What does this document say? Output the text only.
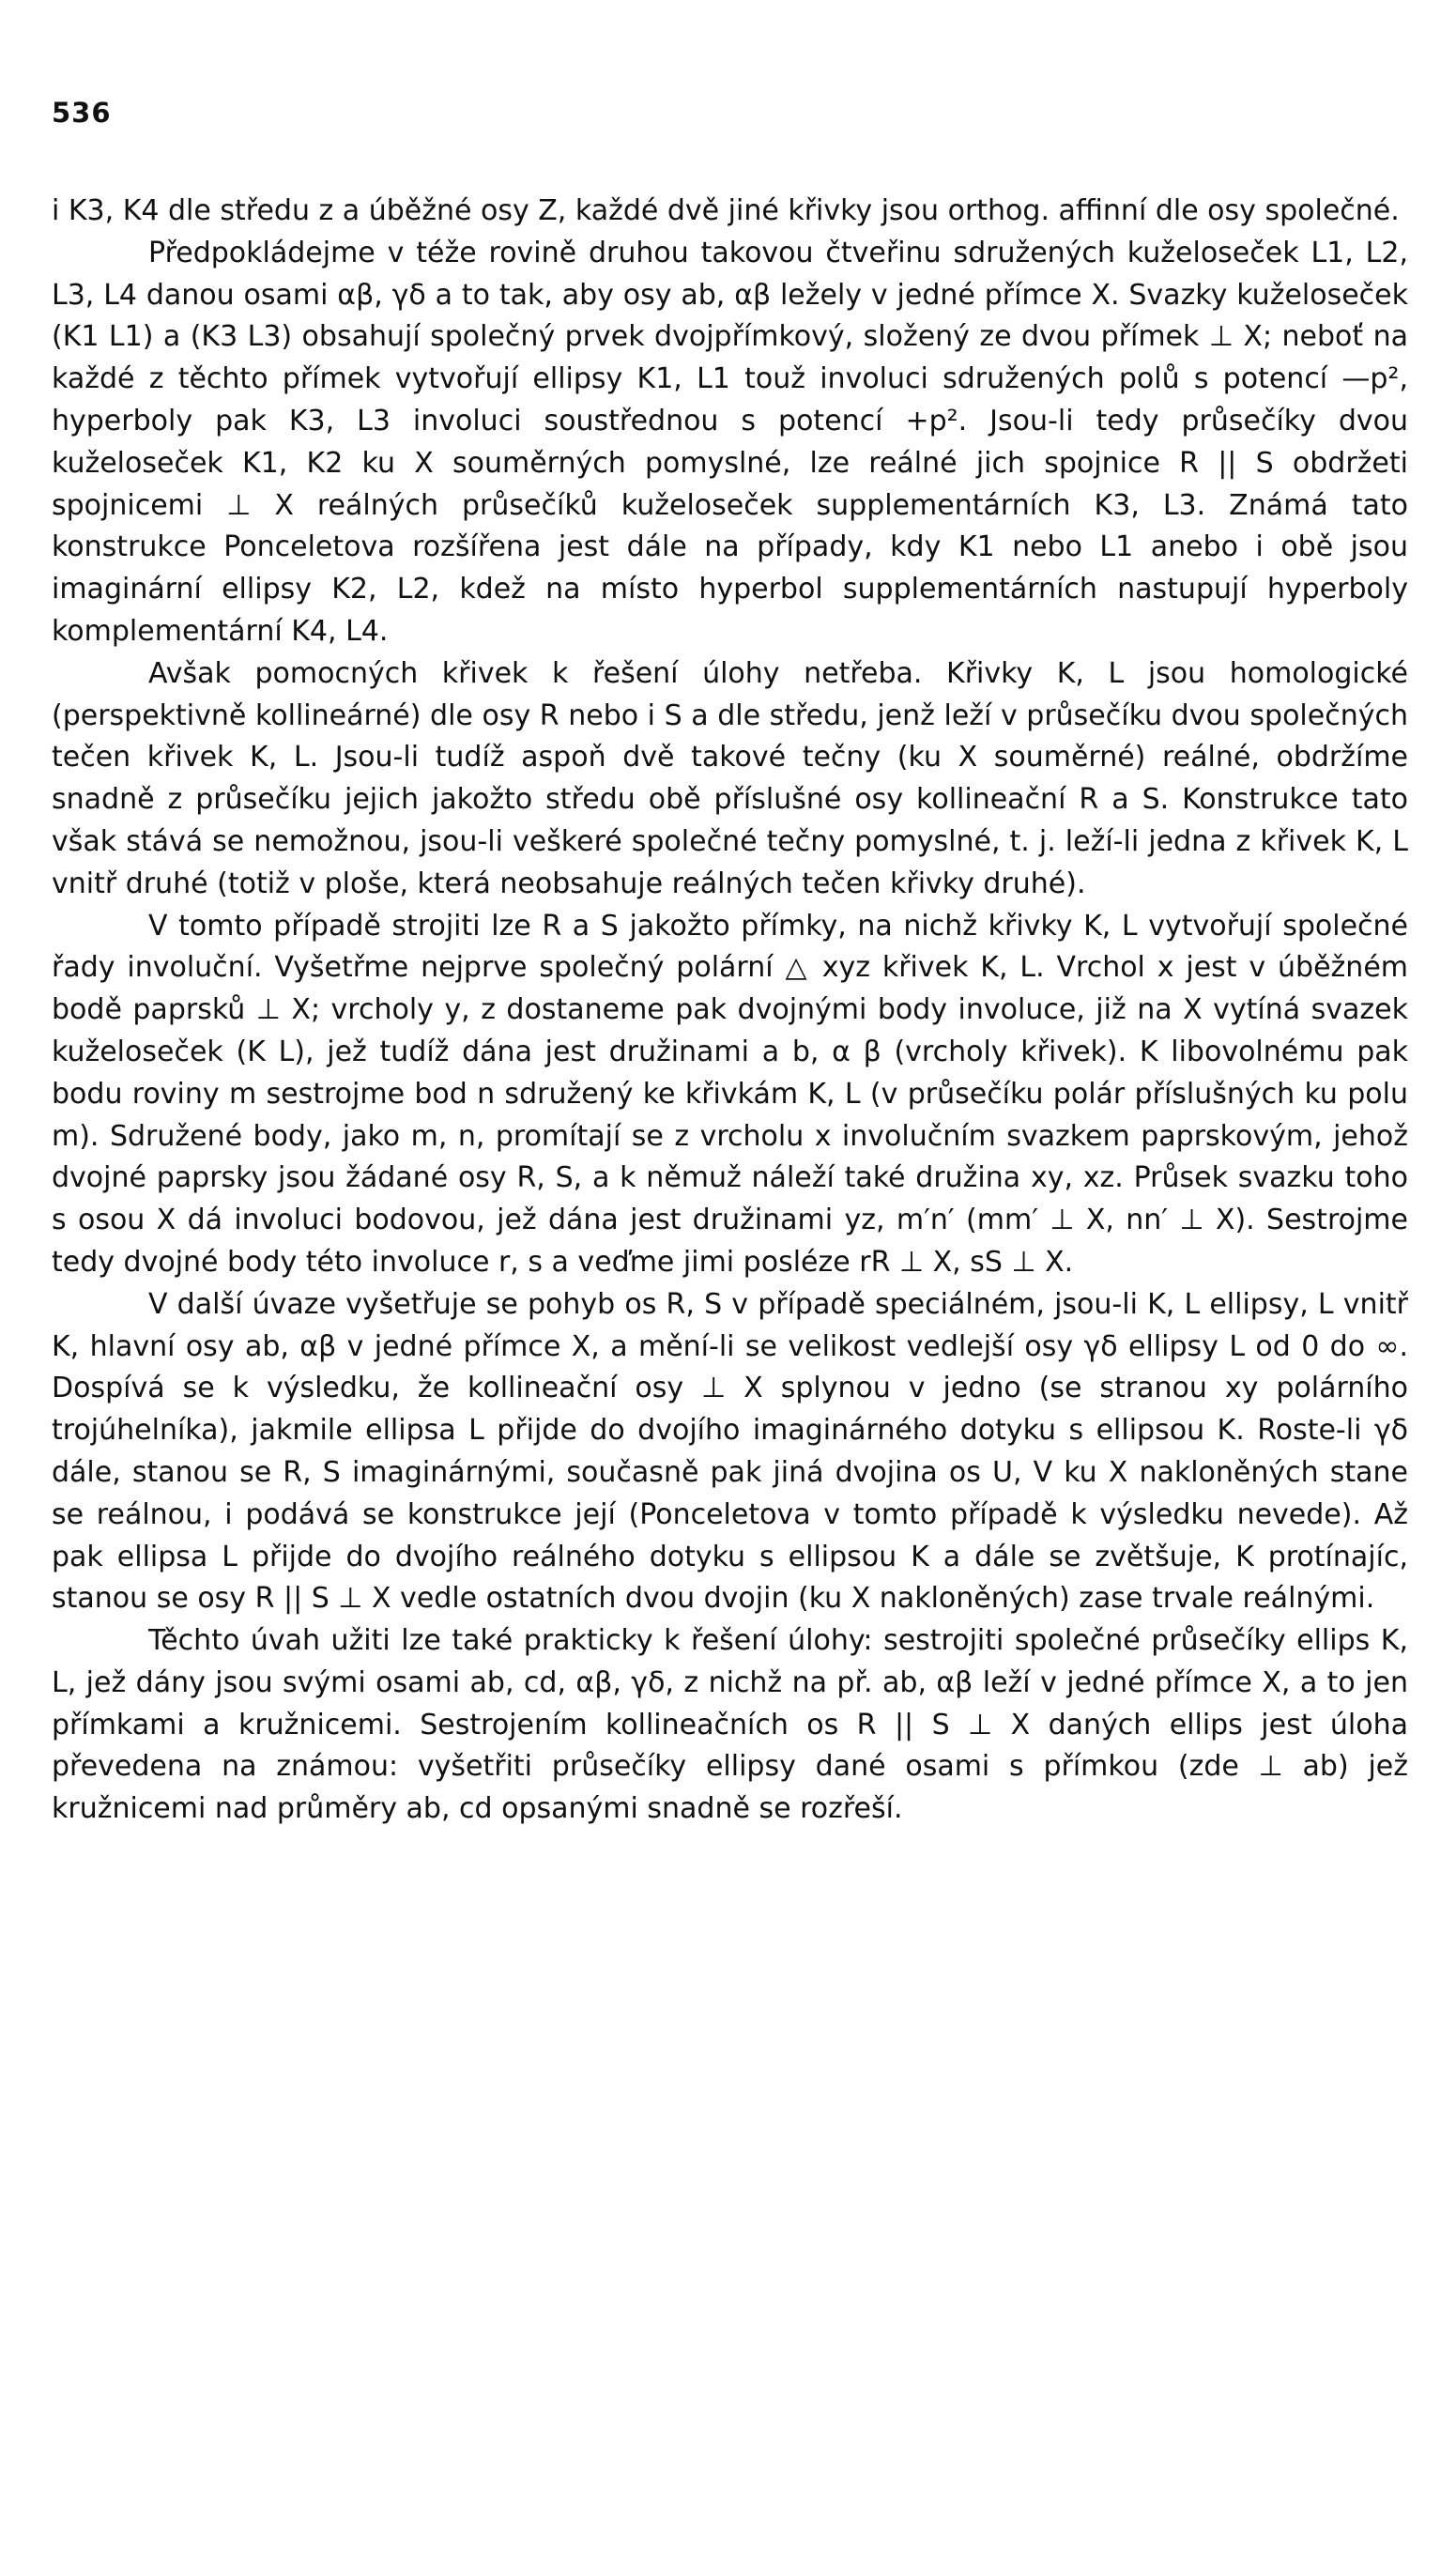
536

i K3, K4 dle středu z a úběžné osy Z, každé dvě jiné křivky jsou orthog. affinní dle osy společné.

Předpokládejme v téže rovině druhou takovou čtveřinu sdružených kuželoseček L1, L2, L3, L4 danou osami αβ, γδ a to tak, aby osy ab, αβ ležely v jedné přímce X. Svazky kuželoseček (K1 L1) a (K3 L3) obsahují společný prvek dvojpřímkový, složený ze dvou přímek ⊥ X; neboť na každé z těchto přímek vytvořují ellipsy K1, L1 touž involuci sdružených polů s potencí —p², hyperboly pak K3, L3 involuci soustřednou s potencí +p². Jsou-li tedy průsečíky dvou kuželoseček K1, K2 ku X souměrných pomyslné, lze reálné jich spojnice R || S obdržeti spojnicemi ⊥ X reálných průsečíků kuželoseček supplementárních K3, L3. Známá tato konstrukce Ponceletova rozšířena jest dále na případy, kdy K1 nebo L1 anebo i obě jsou imaginární ellipsy K2, L2, kdež na místo hyperbol supplementárních nastupují hyperboly komplementární K4, L4.

Avšak pomocných křivek k řešení úlohy netřeba. Křivky K, L jsou homologické (perspektivně kollineárné) dle osy R nebo i S a dle středu, jenž leží v průsečíku dvou společných tečen křivek K, L. Jsou-li tudíž aspoň dvě takové tečny (ku X souměrné) reálné, obdržíme snadně z průsečíku jejich jakožto středu obě příslušné osy kollineační R a S. Konstrukce tato však stává se nemožnou, jsou-li veškeré společné tečny pomyslné, t. j. leží-li jedna z křivek K, L vnitř druhé (totiž v ploše, která neobsahuje reálných tečen křivky druhé).

V tomto případě strojiti lze R a S jakožto přímky, na nichž křivky K, L vytvořují společné řady involuční. Vyšetřme nejprve společný polární △ xyz křivek K, L. Vrchol x jest v úběžném bodě paprsků ⊥ X; vrcholy y, z dostaneme pak dvojnými body involuce, již na X vytíná svazek kuželoseček (K L), jež tudíž dána jest družinami a b, α β (vrcholy křivek). K libovolnému pak bodu roviny m sestrojme bod n sdružený ke křivkám K, L (v průsečíku polár příslušných ku polu m). Sdružené body, jako m, n, promítají se z vrcholu x involučním svazkem paprskovým, jehož dvojné paprsky jsou žádané osy R, S, a k němuž náleží také družina xy, xz. Průsek svazku toho s osou X dá involuci bodovou, jež dána jest družinami yz, m′n′ (mm′ ⊥ X, nn′ ⊥ X). Sestrojme tedy dvojné body této involuce r, s a veďme jimi posléze rR ⊥ X, sS ⊥ X.

V další úvaze vyšetřuje se pohyb os R, S v případě speciálném, jsou-li K, L ellipsy, L vnitř K, hlavní osy ab, αβ v jedné přímce X, a mění-li se velikost vedlejší osy γδ ellipsy L od 0 do ∞. Dospívá se k výsledku, že kollineační osy ⊥ X splynou v jedno (se stranou xy polárního trojúhelníka), jakmile ellipsa L přijde do dvojího imaginárného dotyku s ellipsou K. Roste-li γδ dále, stanou se R, S imaginárnými, současně pak jiná dvojina os U, V ku X nakloněných stane se reálnou, i podává se konstrukce její (Ponceletova v tomto případě k výsledku nevede). Až pak ellipsa L přijde do dvojího reálného dotyku s ellipsou K a dále se zvětšuje, K protínajíc, stanou se osy R || S ⊥ X vedle ostatních dvou dvojin (ku X nakloněných) zase trvale reálnými.

Těchto úvah užiti lze také prakticky k řešení úlohy: sestrojiti společné průsečíky ellips K, L, jež dány jsou svými osami ab, cd, αβ, γδ, z nichž na př. ab, αβ leží v jedné přímce X, a to jen přímkami a kružnicemi. Sestrojením kollineačních os R || S ⊥ X daných ellips jest úloha převedena na známou: vyšetřiti průsečíky ellipsy dané osami s přímkou (zde ⊥ ab) jež kružnicemi nad průměry ab, cd opsanými snadně se rozřeší.
